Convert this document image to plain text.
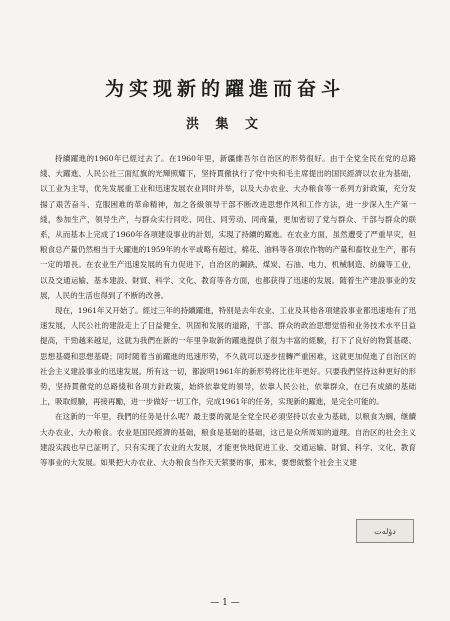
为实现新的躍進而奋斗
洪 集 文

持續躍進的1960年已經过去了。在1960年里，新疆維吾尔自治区的形势很好。由于全党全民在党的总路綫、大躍進、人民公社三面紅旗的光輝照耀下，坚持貫徹执行了党中央和毛主席提出的国民經濟以农业为基础，以工业为主导，优先发展重工业和迅速发展农业同时并举，以及大办农业、大办粮食等一系列方針政策，充分发揚了艰苦奋斗、克服困难的革命精神，加之各級領导干部不断改进思想作风和工作方法，进一步深入生产第一綫，参加生产，領导生产，与群众实行同吃、同住、同劳动、同商量，更加密切了党与群众、干部与群众的联系，从而基本上完成了1960年各項建设事业的計划，实現了持續的躍進。在农业方面，虽然遭受了严重旱灾，但粮食总产量仍然相当于大躍進的1959年的水平或略有超过，棉花、油料等各項农作物的产量和畜牧业生产，都有一定的增長。在农业生产迅速发展的有力促进下，自治区的鋼鉄、煤炭、石油、电力、机械制造、紡織等工业，以及交通运输、基本建設、財貿、科学、文化、教育等各方面，也都获得了迅速的发展。随着生产建設事业的发展，人民的生活也得到了不断的改善。

现在，1961年又开始了。經过三年的持續躍進，特别是去年农业、工业及其他各項建設事业都迅速地有了迅速发展，人民公社的建設走上了日益健全、巩固和发展的道路，干部、群众的政治思想觉悟和业务技术水平日益提高，干勁越来越足，这就为我們在新的一年里争取新的躍進提供了很为丰富的經驗，打下了良好的物質基礎、思想基礎和思想基礎；同时随着当前躍進的迅速形势，不久就可以逐步扭轉严重困难，这就更加促進了自治区的社会主义建設事业的迅速发展。所有这一切，都說明1961年的新形势将比往年更好。只要我們坚持这种更好的形势，坚持貫徹党的总路綫和各項方針政策，始終依靠党的領导，依靠人民公社，依靠群众，在已有成績的基础上，吸取經驗，再接再勵，进一步做好一切工作，完成1961年的任务，实现新的躍進，是完全可能的。

在这新的一年里，我們的任务是什么呢？最主要的就是全党全民必須坚持以农业为基础，以粮食为綱，继續大办农业、大办粮食。农业是国民經濟的基础，粮食是基础的基础，这已是众所周知的道理。自治区的社会主义建設实践也早已証明了，只有实现了农业的大发展，才能更快地促进工业、交通运输、財貿、科学、文化、教育等事业的大发展。如果把大办农业、大办粮食当作天天萦要的事，那末，要想做整个社会主义建

دۆلەت
— 1 —
